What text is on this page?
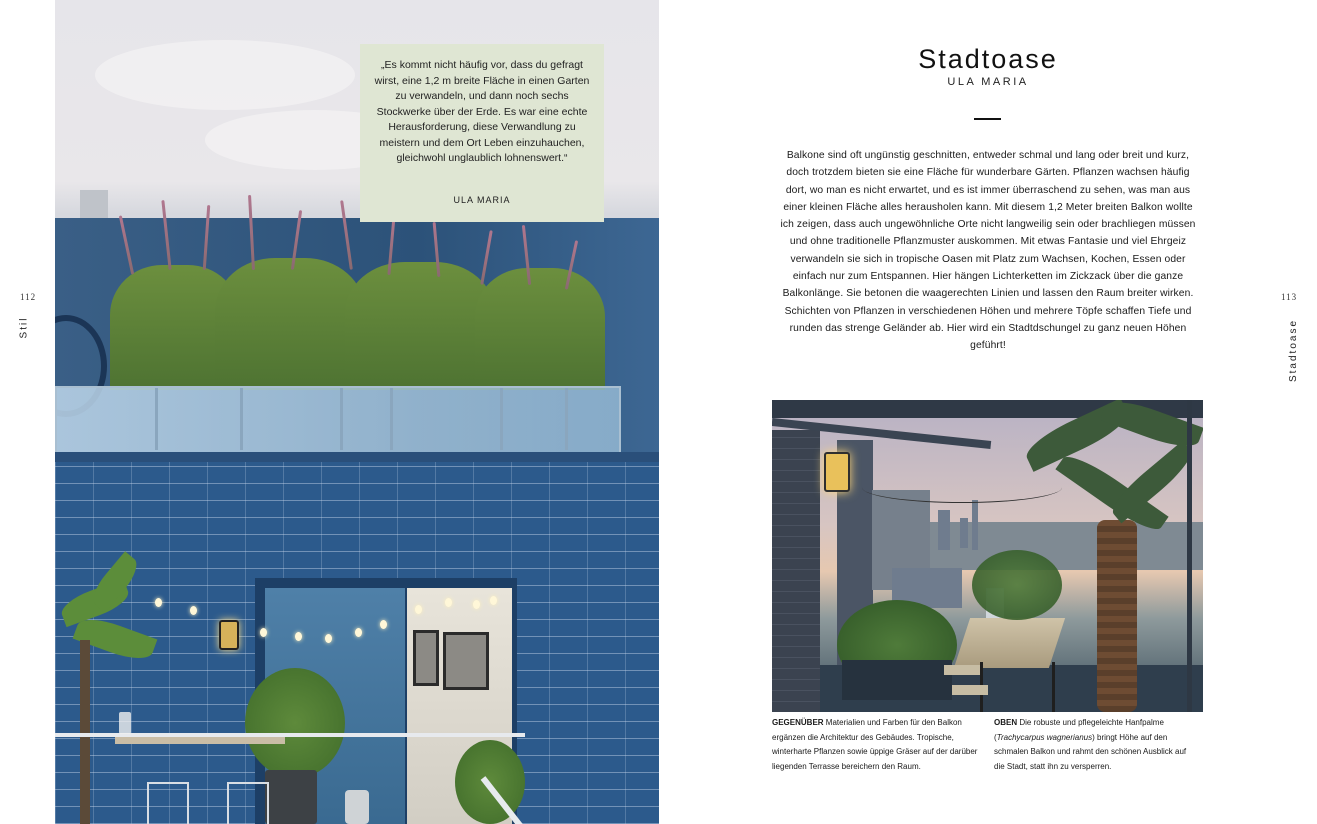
112
Stil
„Es kommt nicht häufig vor, dass du gefragt wirst, eine 1,2 m breite Fläche in einen Garten zu verwandeln, und dann noch sechs Stockwerke über der Erde. Es war eine echte Herausforderung, diese Verwandlung zu meistern und dem Ort Leben einzuhauchen, gleichwohl unglaublich lohnenswert.“
ULA MARIA
Stadtoase
ULA MARIA
Balkone sind oft ungünstig geschnitten, entweder schmal und lang oder breit und kurz, doch trotzdem bieten sie eine Fläche für wunderbare Gärten. Pflanzen wachsen häufig dort, wo man es nicht erwartet, und es ist immer überraschend zu sehen, was man aus einer kleinen Fläche alles herausholen kann. Mit diesem 1,2 Meter breiten Balkon wollte ich zeigen, dass auch ungewöhnliche Orte nicht langweilig sein oder brachliegen müssen und ohne traditionelle Pflanzmuster auskommen. Mit etwas Fantasie und viel Ehrgeiz verwandeln sie sich in tropische Oasen mit Platz zum Wachsen, Kochen, Essen oder einfach nur zum Entspannen. Hier hängen Lichterketten im Zickzack über die ganze Balkonlänge. Sie betonen die waagerechten Linien und lassen den Raum breiter wirken. Schichten von Pflanzen in verschiedenen Höhen und mehrere Töpfe schaffen Tiefe und runden das strenge Geländer ab. Hier wird ein Stadtdschungel zu ganz neuen Höhen geführt!
113
Stadtoase
GEGENÜBER Materialien und Farben für den Balkon ergänzen die Architektur des Gebäudes. Tropische, winterharte Pflanzen sowie üppige Gräser auf der darüber liegenden Terrasse bereichern den Raum.
OBEN Die robuste und pflegeleichte Hanfpalme (Trachycarpus wagnerianus) bringt Höhe auf den schmalen Balkon und rahmt den schönen Ausblick auf die Stadt, statt ihn zu versperren.
